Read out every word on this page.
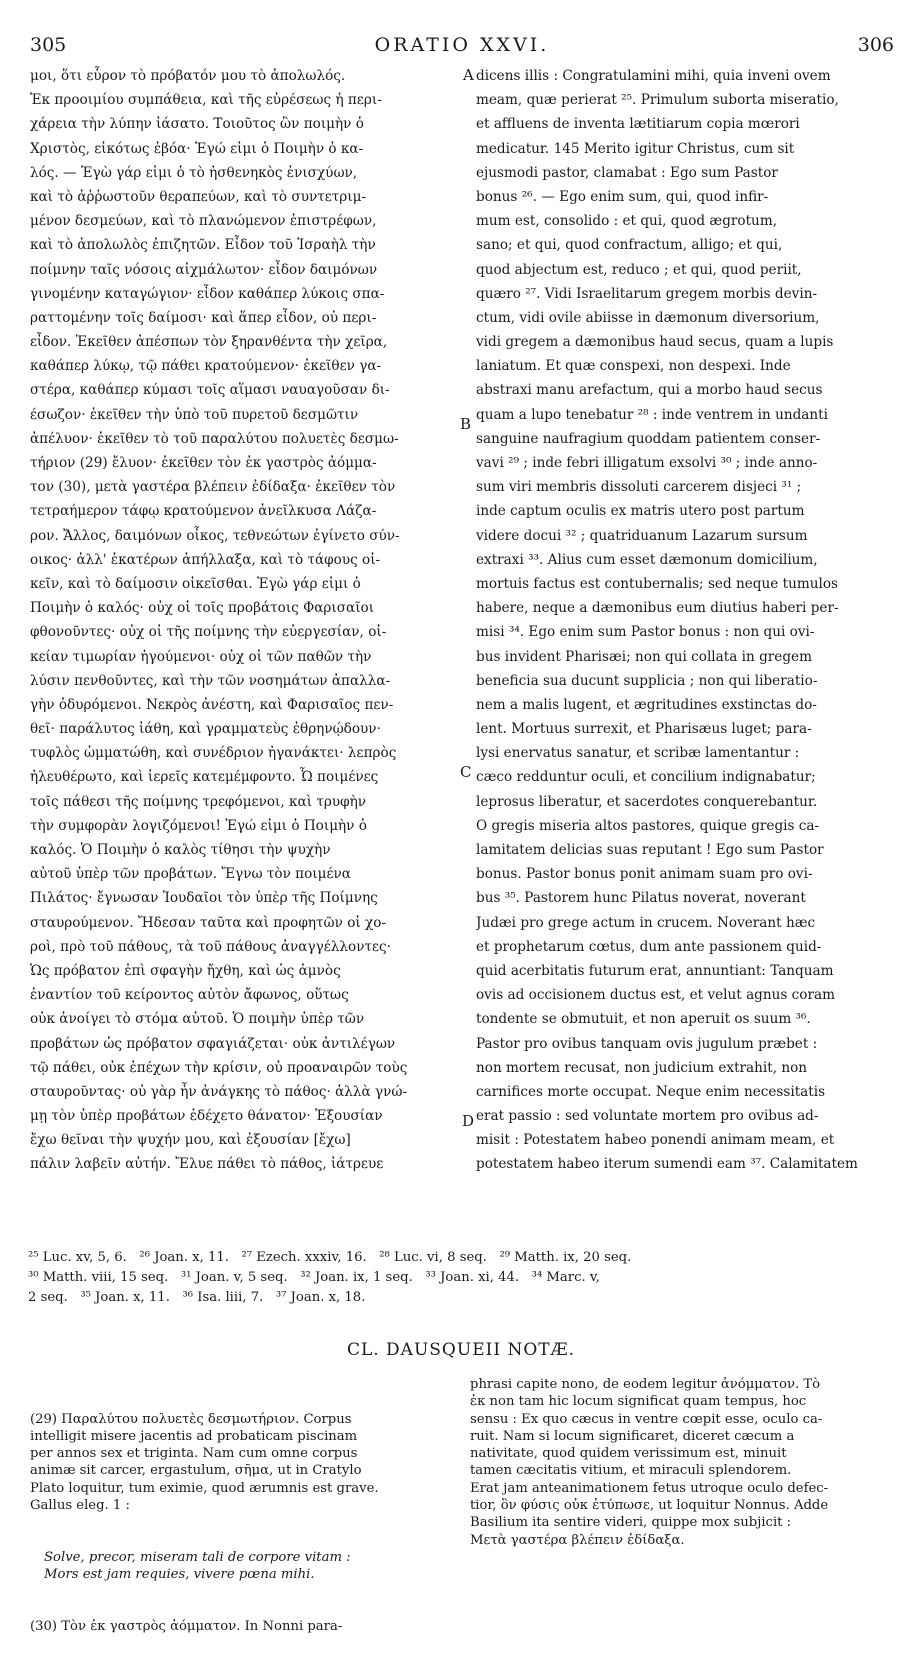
305	ORATIO XXVI.	306
μοι, ὅτι εὗρον τὸ πρόβατόν μου τὸ ἀπολωλός.
Ἐκ προοιμίου συμπάθεια, καὶ τῆς εὑρέσεως ἡ περι-
χάρεια τὴν λύπην ἰάσατο. Τοιοῦτος ὢν ποιμὴν ὁ
Χριστὸς, εἰκότως ἐβόα· Ἐγώ εἰμι ὁ Ποιμὴν ὁ κα-
λός. — Ἐγὼ γάρ εἰμι ὁ τὸ ἠσθενηκὸς ἐνισχύων,
καὶ τὸ ἀῤῥωστοῦν θεραπεύων, καὶ τὸ συντετριμ-
μένον δεσμεύων, καὶ τὸ πλανώμενον ἐπιστρέφων,
καὶ τὸ ἀπολωλὸς ἐπιζητῶν. Εἶδον τοῦ Ἰσραὴλ τὴν
ποίμνην ταῖς νόσοις αἰχμάλωτον· εἶδον δαιμόνων
γινομένην καταγώγιον· εἶδον καθάπερ λύκοις σπα-
ραττομένην τοῖς δαίμοσι· καὶ ἅπερ εἶδον, οὐ περι-
εἶδον. Ἐκεῖθεν ἀπέσπων τὸν ξηρανθέντα τὴν χεῖρα,
καθάπερ λύκῳ, τῷ πάθει κρατούμενον· ἐκεῖθεν γα-
στέρα, καθάπερ κύμασι τοῖς αἵμασι ναυαγοῦσαν δι-
έσωζον· ἐκεῖθεν τὴν ὑπὸ τοῦ πυρετοῦ δεσμῶτιν
ἀπέλυον· ἐκεῖθεν τὸ τοῦ παραλύτου πολυετὲς δεσμω-
τήριον (29) ἔλυον· ἐκεῖθεν τὸν ἐκ γαστρὸς ἀόμμα-
τον (30), μετὰ γαστέρα βλέπειν ἐδίδαξα· ἐκεῖθεν τὸν
τετραήμερον τάφῳ κρατούμενον ἀνεῖλκυσα Λάζα-
ρον. Ἄλλος, δαιμόνων οἶκος, τεθνεώτων ἐγίνετο σύν-
οικος· ἀλλ' ἑκατέρων ἀπήλλαξα, καὶ τὸ τάφους οἰ-
κεῖν, καὶ τὸ δαίμοσιν οἰκεῖσθαι. Ἐγὼ γάρ εἰμι ὁ
Ποιμὴν ὁ καλός· οὐχ οἱ τοῖς προβάτοις Φαρισαῖοι
φθονοῦντες· οὐχ οἱ τῆς ποίμνης τὴν εὐεργεσίαν, οἰ-
κείαν τιμωρίαν ἡγούμενοι· οὐχ οἱ τῶν παθῶν τὴν
λύσιν πενθοῦντες, καὶ τὴν τῶν νοσημάτων ἀπαλλα-
γὴν ὀδυρόμενοι. Νεκρὸς ἀνέστη, καὶ Φαρισαῖος πεν-
θεῖ· παράλυτος ἰάθη, καὶ γραμματεὺς ἐθρηνῴδουν·
τυφλὸς ὠμματώθη, καὶ συνέδριον ἠγανάκτει· λεπρὸς
ἠλευθέρωτο, καὶ ἱερεῖς κατεμέμφοντο. Ὦ ποιμένες
τοῖς πάθεσι τῆς ποίμνης τρεφόμενοι, καὶ τρυφὴν
τὴν συμφορὰν λογιζόμενοι! Ἐγώ εἰμι ὁ Ποιμὴν ὁ
καλός. Ὁ Ποιμὴν ὁ καλὸς τίθησι τὴν ψυχὴν
αὐτοῦ ὑπὲρ τῶν προβάτων. Ἔγνω τὸν ποιμένα
Πιλάτος· ἔγνωσαν Ἰουδαῖοι τὸν ὑπὲρ τῆς Ποίμνης
σταυρούμενον. Ἤδεσαν ταῦτα καὶ προφητῶν οἱ χο-
ροὶ, πρὸ τοῦ πάθους, τὰ τοῦ πάθους ἀναγγέλλοντες·
Ὡς πρόβατον ἐπὶ σφαγὴν ἤχθη, καὶ ὡς ἀμνὸς
ἐναντίον τοῦ κείροντος αὐτὸν ἄφωνος, οὕτως
οὐκ ἀνοίγει τὸ στόμα αὐτοῦ. Ὁ ποιμὴν ὑπὲρ τῶν
προβάτων ὡς πρόβατον σφαγιάζεται· οὐκ ἀντιλέγων
τῷ πάθει, οὐκ ἐπέχων τὴν κρίσιν, οὐ προαναιρῶν τοὺς
σταυροῦντας· οὐ γὰρ ἦν ἀνάγκης τὸ πάθος· ἀλλὰ γνώ-
μῃ τὸν ὑπὲρ προβάτων ἐδέχετο θάνατον· Ἐξουσίαν
ἔχω θεῖναι τὴν ψυχήν μου, καὶ ἐξουσίαν [ἔχω]
πάλιν λαβεῖν αὐτήν. Ἔλυε πάθει τὸ πάθος, ἰάτρευε
dicens illis : Congratulamini mihi, quia inveni ovem
meam, quæ perierat ²⁵. Primulum suborta miseratio,
et affluens de inventa lætitiarum copia mœrori
medicatur. 145 Merito igitur Christus, cum sit
ejusmodi pastor, clamabat : Ego sum Pastor
bonus ²⁶. — Ego enim sum, qui, quod infir-
mum est, consolido : et qui, quod ægrotum,
sano; et qui, quod confractum, alligo; et qui,
quod abjectum est, reduco ; et qui, quod periit,
quæro ²⁷. Vidi Israelitarum gregem morbis devin-
ctum, vidi ovile abiisse in dæmonum diversorium,
vidi gregem a dæmonibus haud secus, quam a lupis
laniatum. Et quæ conspexi, non despexi. Inde
abstraxi manu arefactum, qui a morbo haud secus
quam a lupo tenebatur ²⁸ : inde ventrem in undanti
sanguine naufragium quoddam patientem conser-
vavi ²⁹ ; inde febri illigatum exsolvi ³⁰ ; inde anno-
sum viri membris dissoluti carcerem disjeci ³¹ ;
inde captum oculis ex matris utero post partum
videre docui ³² ; quatriduanum Lazarum sursum
extraxi ³³. Alius cum esset dæmonum domicilium,
mortuis factus est contubernalis; sed neque tumulos
habere, neque a dæmonibus eum diutius haberi per-
misi ³⁴. Ego enim sum Pastor bonus : non qui ovi-
bus invident Pharisæi; non qui collata in gregem
beneficia sua ducunt supplicia ; non qui liberatio-
nem a malis lugent, et ægritudines exstinctas do-
lent. Mortuus surrexit, et Pharisæus luget; para-
lysi enervatus sanatur, et scribæ lamentantur :
cæco redduntur oculi, et concilium indignabatur;
leprosus liberatur, et sacerdotes conquerebantur.
O gregis miseria altos pastores, quique gregis ca-
lamitatem delicias suas reputant ! Ego sum Pastor
bonus. Pastor bonus ponit animam suam pro ovi-
bus ³⁵. Pastorem hunc Pilatus noverat, noverant
Judæi pro grege actum in crucem. Noverant hæc
et prophetarum cœtus, dum ante passionem quid-
quid acerbitatis futurum erat, annuntiant: Tanquam
ovis ad occisionem ductus est, et velut agnus coram
tondente se obmutuit, et non aperuit os suum ³⁶.
Pastor pro ovibus tanquam ovis jugulum præbet :
non mortem recusat, non judicium extrahit, non
carnifices morte occupat. Neque enim necessitatis
erat passio : sed voluntate mortem pro ovibus ad-
misit : Potestatem habeo ponendi animam meam, et
potestatem habeo iterum sumendi eam ³⁷. Calamitatem
A
B
C
D
²⁵ Luc. xv, 5, 6.   ²⁶ Joan. x, 11.   ²⁷ Ezech. xxxiv, 16.   ²⁸ Luc. vi, 8 seq.   ²⁹ Matth. ix, 20 seq.
³⁰ Matth. viii, 15 seq.   ³¹ Joan. v, 5 seq.   ³² Joan. ix, 1 seq.   ³³ Joan. xi, 44.   ³⁴ Marc. v,
2 seq.   ³⁵ Joan. x, 11.   ³⁶ Isa. liii, 7.   ³⁷ Joan. x, 18.
CL. DAUSQUEII NOTÆ.

(29) Παραλύτου πολυετὲς δεσμωτήριον. Corpus
intelligit misere jacentis ad probaticam piscinam
per annos sex et triginta. Nam cum omne corpus
animæ sit carcer, ergastulum, σῆμα, ut in Cratylo
Plato loquitur, tum eximie, quod ærumnis est grave.
Gallus eleg. 1 :

Solve, precor, miseram tali de corpore vitam :
Mors est jam requies, vivere pœna mihi.

(30) Τὸν ἐκ γαστρὸς ἀόμματον. In Nonni para-

phrasi capite nono, de eodem legitur ἀνόμματον. Τὸ
ἐκ non tam hic locum significat quam tempus, hoc
sensu : Ex quo cæcus in ventre cœpit esse, oculo ca-
ruit. Nam si locum significaret, diceret cæcum a
nativitate, quod quidem verissimum est, minuit
tamen cæcitatis vitium, et miraculi splendorem.
Erat jam anteanimationem fetus utroque oculo defec-
tior, ὃν φύσις οὐκ ἐτύπωσε, ut loquitur Nonnus. Adde
Basilium ita sentire videri, quippe mox subjicit :
Μετὰ γαστέρα βλέπειν ἐδίδαξα.
